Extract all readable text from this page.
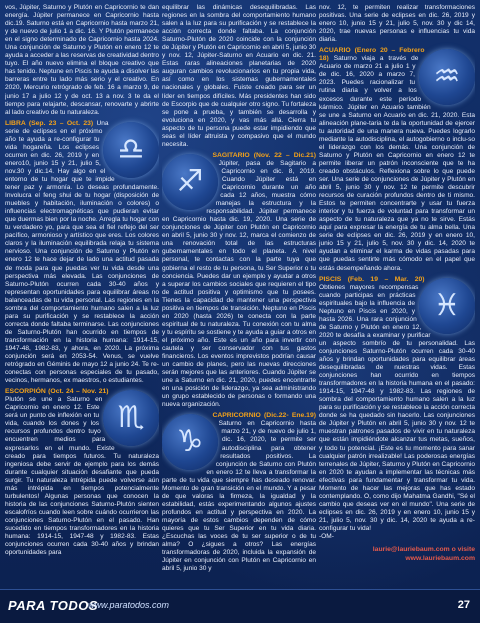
vos, Júpiter, Saturno y Plutón en Capricornio te dan energía. Júpiter permanece en Capricornio hasta dic.19. Saturno está en Capricornio hasta marzo 21, y de nuevo de julio 1 a dic. 16. Y Plutón permanece en el signo determinado de Capricornio hasta 2024. Una conjunción de Saturno y Plutón en enero 12 te ayuda a acceder a las reservas de creatividad dentro tuyo. El año nuevo elimina el bloque creativo que has tenido. Neptune en Piscis te ayuda a disolver las barreras entre tu lado más serio y el creativo. En 2020, Mercurio retrógrado de feb. 16 a marzo 9, de junio 17 a julio 12 y de oct. 13 a nov. 3 te da el tiempo para relajarte, descansar, renovarte y abrirte al lado creativo de tu naturaleza.

♎

LIBRA (Sep. 23 – Oct. 23) Una serie de eclipses en el próximo año te ayuda a re-configurar tu vida hogareña. Los eclipses ocurren en dic. 26, 2019 y en enero10, junio 15 y 21, julio 5, nov.30 y dic.14. Hay algo en el entorno de tu hogar que te impide tener paz y armonía. Lo deseas profundamente. Involucra el feng shui de tu hogar (disposición de muebles y habitación, iluminación o colores) o influencias electromagnéticas que pudieran evitar que duermas bien por la noche. Arregla tu hogar con tu verdadero yo, para que sea el fiel reflejo del ser pacífico, armonioso y artístico que eres. Los colores claros y la iluminación equilibrada relaja tu sistema nervioso. Una conjunción de Saturno y Plutón en enero 12 te hace dejar de lado una actitud pasada de moda para que puedas ver tu vida desde una perspectiva más elevada. Las conjunciones de Saturno-Plutón ocurren cada 30-40 años y representan oportunidades para equilibrar áreas no balanceadas de tu vida personal. Las regiones en la sombra del comportamiento humano salen a la luz para su purificación y se restablece la acción correcta donde faltaba terminarse. Las conjunciones de Saturno-Plutón han ocurrido en tiempos de transformación en la historia humana: 1914-15, 1947-48, 1982-83, y ahora, en 2020. La próxima conjunción será en 2053-54. Venus, se vuelve retrógrado en Géminis de mayo 12 a junio 24. Te re-conectas con personas especiales de tu pasado, vecinos, hermanos, ex maestros, o estudiantes.

♏

ESCORPIÓN (Oct. 24 – Nov. 21) Plutón se une a Saturno en Capricornio en enero 12. Este será un punto de inflexión en tu vida, cuando los dones y los recursos profundos dentro tuyo encuentren medios para expresarlos en el mundo. Existe creado para tiempos futuros. Tu naturaleza ingeniosa debe servir de ejemplo para los demás durante cualquier situación desafiante que pueda surgir. Tu naturaleza intrépida puede volverse aún más intrépida en tiempos potencialmente turbulentos! Algunas personas que conocen la historia de las conjunciones Saturno-Plutón sienten escalofríos cuando leen sobre cuándo ocurrieron las conjunciones Saturno-Plutón en el pasado. Han sucedido en tiempos transformadores en la historia humana: 1914-15, 1947-48 y 1982-83. Estas conjunciones ocurren cada 30-40 años y brindan oportunidades para

equilibrar las dinámicas desequilibradas. Las regiones en la sombra del comportamiento humano salen a la luz para su purificación y se restablece la acción correcta donde faltaba. La conjunción Saturno-Plutón de 2020 coincide con la conjunción de Júpiter y Plutón en Capricornio en abril 5, junio 30 y nov. 12, Júpiter-Saturno en Acuario en dic. 21. Estas raras alineaciones planetarias de 2020 auguran cambios revolucionarios en tu propia vida, así como en los sistemas gubernamentales nacionales y globales. Fuiste creado para ser un líder en tiempos difíciles. Más presidentes han sido de Escorpio que de cualquier otro signo. Tu fortaleza se pone a prueba, y también se desarrolla y evoluciona en 2020, y vas más allá. Cierra tu aspecto de tu persona puede estar impidiendo que seas el líder altruista y compasivo que el mundo necesita.

♐

SAGITARIO (Nov. 22 – Dic.21) Júpiter, pasa de Sagitario a Capricornio en dic. 8, 2019. Cuando Júpiter está en Capricornio durante un año cada 12 años, muestra cómo manejas la estructura y la responsabilidad. Júpiter permanece en Capricornio hasta dic. 19, 2020. Una serie de conjunciones de Júpiter con Plutón en Capricornio en abril 5, junio 30 y nov. 12, marca el comienzo de una renovación total de las estructuras gubernamentales en todo el planeta. A nivel personal, te contactas con la parte tuya que gobierna el resto de tu persona, tu Ser Superior o tu conciencia. Puedes dar un ejemplo y ayudar a otros a superar los cambios sociales que requieren el tipo de actitud positiva y optimismo que tu posees. Tienes la capacidad de mantener una perspectiva positiva en tiempos de transición. Neptuno en Piscis en 2020 (hasta 2026) te conecta con la parte espiritual de tu naturaleza. Tu conexión con tu alma y tu espíritu se sostiene y te ayuda a guiar a otros en el próximo año. Este es un año para invertir con cautela y ser conservador con tus gastos financieros. Los eventos imprevistos podrían causar un cambio de planes, pero las nuevas direcciones serán mejores que las anteriores. Cuando Júpiter se une a Saturno en dic. 21, 2020, puedes encontrarte en una posición de liderazgo, ya sea administrando un grupo establecido de personas o formando una nueva organización.

♑

CAPRICORNIO (Dic.22- Ene.19) Saturno en Capricornio hasta marzo 21, y de nuevo de julio 1, dic. 16, 2020, te permite ser autodisciplina para obtener resultados positivos. La conjunción de Saturno con Plutón en enero 12 te lleva a transformar la parte de tu vida que siempre has deseado renovar. Momento de gran transición en el mundo. Y a pesar de que valoras la firmeza, la igualdad y la estabilidad, estás experimentando algunos ajustes profundos en actitud y perspectiva en 2020. La mayoría de estos cambios dependen de cómo quieres que tu Ser Superior en tu vida diaria. ¿Escuchas las voces de tu ser superior o de tu alma? O ¿sigues a otros? Las energías transformadoras de 2020, incluida la expansión de Júpiter en conjunción con Plutón en Capricornio en abril 5, junio 30 y

nov. 12, te permiten realizar transformaciones positivas. Una serie de eclipses en dic. 26, 2019 y enero 10, junio 15 y 21, julio 5, nov. 30 y dic 14, 2020, trae nuevas personas e influencias tu vida diaria.

♒

ACUARIO (Enero 20 – Febrero 18) Saturno viaja a través de Acuario de marzo 21 a julio 1 y de dic. 16, 2020 a marzo 7, 2023. Puedes racionalizar tu rutina diaria y volver a los excesos durante este período kármico. Júpiter en Acuario también se une a Saturno en Acuario en dic. 21, 2020. Esta alineación plane-taria te da la oportunidad de ejercer tu autoridad de una manera nueva. Puedes lograrlo mediante la autodisciplina, el autogobierno o inclu-so el liderazgo con los demás. Una conjunción de Saturno y Plutón en Capricornio en enero 12 te permite liberar un patrón inconsciente que te ha creado obstáculos. Reflexiona sobre lo que puede ser. Una serie de conjunciones de Júpiter y Plutón en abril 5, junio 30 y nov. 12 te permite descubrir recursos de curación profundos dentro de ti mismo. Estos te permiten concentrarte y usar tu fuerza interior y tu fuerza de voluntad para transformar un aspecto de tu naturaleza que ya no te sirve. Estás aquí para expresar la energía de tu alma bella. Una serie de eclipses en dic. 26, 2019 y en enero 10, junio 15 y 21, julio 5, nov. 30 y dic. 14, 2020 te ayudan a eliminar el karma de vidas pasadas para que puedas sentirte más cómodo en el papel que estás desempeñando ahora.

♓

PISCIS (Feb. 19 – Mar. 20) Obtienes mayores recompensas cuando participas en prácticas espirituales bajo la influencia de Neptuno en Piscis en 2020, y hasta 2026. Una rara conjunción de Saturno y Plutón en enero 12, 2020 te desafía a examinar y purificar un aspecto sombrío de tu personalidad. Las conjunciones Saturno-Plutón ocurren cada 30-40 años y brindan oportunidades para equilibrar áreas desequilibradas de nuestras vidas. Estas conjunciones han ocurrido en tiempos transformadores en la historia humana en el pasado: 1914-15, 1947-48 y 1982-83. Las regiones de sombra del comportamiento humano salen a la luz para su purificación y se restablece la acción correcta donde se ha quedado sin hacerlo. Las conjunciones de Júpiter y Plutón en abril 5, junio 30 y nov. 12 te muestran patrones pasados de vivir en tu naturaleza que están impidiéndote alcanzar tus metas, sueños, y todo tu potencial. ¡Este es tu momento para sanar cualquier patrón irrealizable! Las poderosas energías terrenales de Júpiter, Saturno y Plutón en Capricornio en 2020 te ayudan a implementar las técnicas más efectivas para fundamentar y transformar tu vida. Momento de hacer las mejoras que has estado contemplando. O, como dijo Mahatma Gandhi, "Sé el cambio que deseas ver en el mundo". Una serie de eclipses en dic. 26, 2019 y en enero 10, junio 15 y 21, julio 5, nov. 30 y dic. 14, 2020 te ayuda a re-configurar tu vida!

-OM-

laurie@lauriebaum.com o visite
www.lauriebaum.com
PARA TODOS
www.paratodos.com	27
